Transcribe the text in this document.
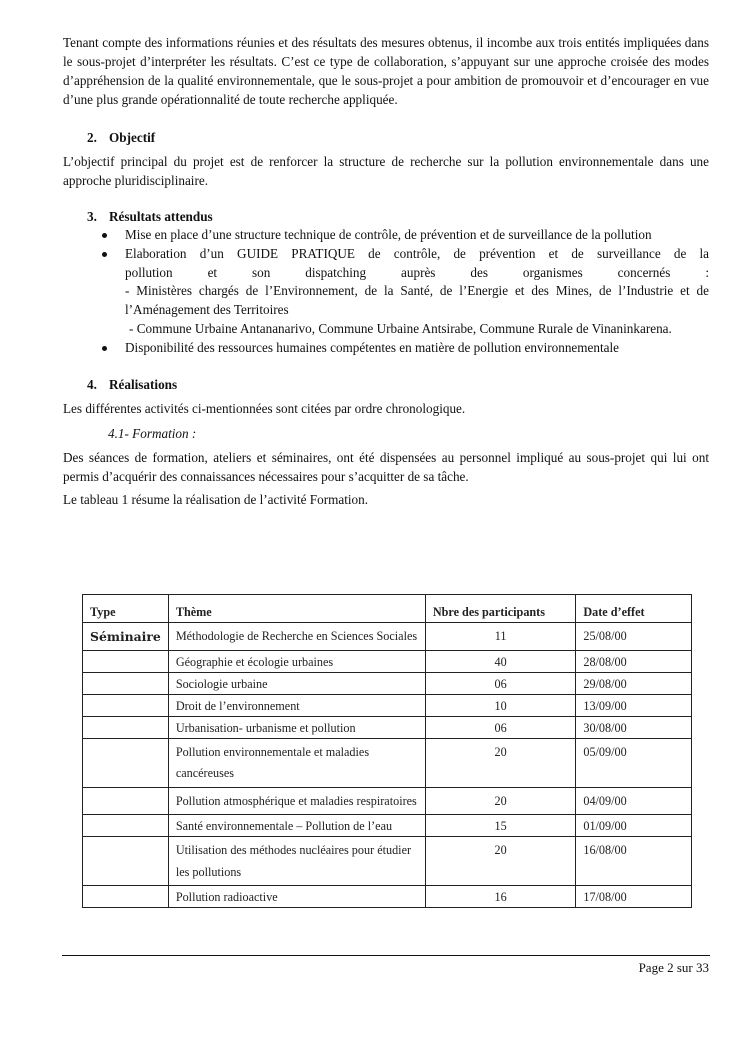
Tenant compte des informations réunies et des résultats des mesures obtenus, il incombe aux trois entités impliquées dans le sous-projet d’interpréter les résultats. C’est ce type de collaboration, s’appuyant sur une approche croisée des modes d’appréhension de la qualité environnementale, que le sous-projet a pour ambition de promouvoir et d’encourager en vue d’une plus grande opérationnalité de toute recherche appliquée.

2. Objectif

L’objectif principal du projet est de renforcer la structure de recherche sur la pollution environnementale dans une approche pluridisciplinaire.

3. Résultats attendus
Mise en place d’une structure technique de contrôle, de prévention et de surveillance de la pollution
Elaboration d’un GUIDE PRATIQUE de contrôle, de prévention et de surveillance de la
pollution et son dispatching auprès des organismes concernés :
- Ministères chargés de l’Environnement, de la Santé, de l’Energie et des Mines, de l’Industrie et de l’Aménagement des Territoires
- Commune Urbaine Antananarivo, Commune Urbaine Antsirabe, Commune Rurale de Vinaninkarena.
Disponibilité des ressources humaines compétentes en matière de pollution environnementale
4. Réalisations

Les différentes activités ci-mentionnées sont citées par ordre chronologique.

4.1- Formation :

Des séances de formation, ateliers et séminaires, ont été dispensées au personnel impliqué au sous-projet qui lui ont permis d’acquérir des connaissances nécessaires pour s’acquitter de sa tâche.

Le tableau 1 résume la réalisation de l’activité Formation.

Type	Thème	Nbre des participants	Date d’effet
Séminaire	Méthodologie de Recherche en Sciences Sociales	11	25/08/00
	Géographie et écologie urbaines	40	28/08/00
	Sociologie urbaine	06	29/08/00
	Droit de l’environnement	10	13/09/00
	Urbanisation- urbanisme et pollution	06	30/08/00
	Pollution environnementale et maladies cancéreuses	20	05/09/00
	Pollution atmosphérique et maladies respiratoires	20	04/09/00
	Santé environnementale – Pollution de l’eau	15	01/09/00
	Utilisation des méthodes nucléaires pour étudier les pollutions	20	16/08/00
	Pollution radioactive	16	17/08/00
Page 2 sur 33
